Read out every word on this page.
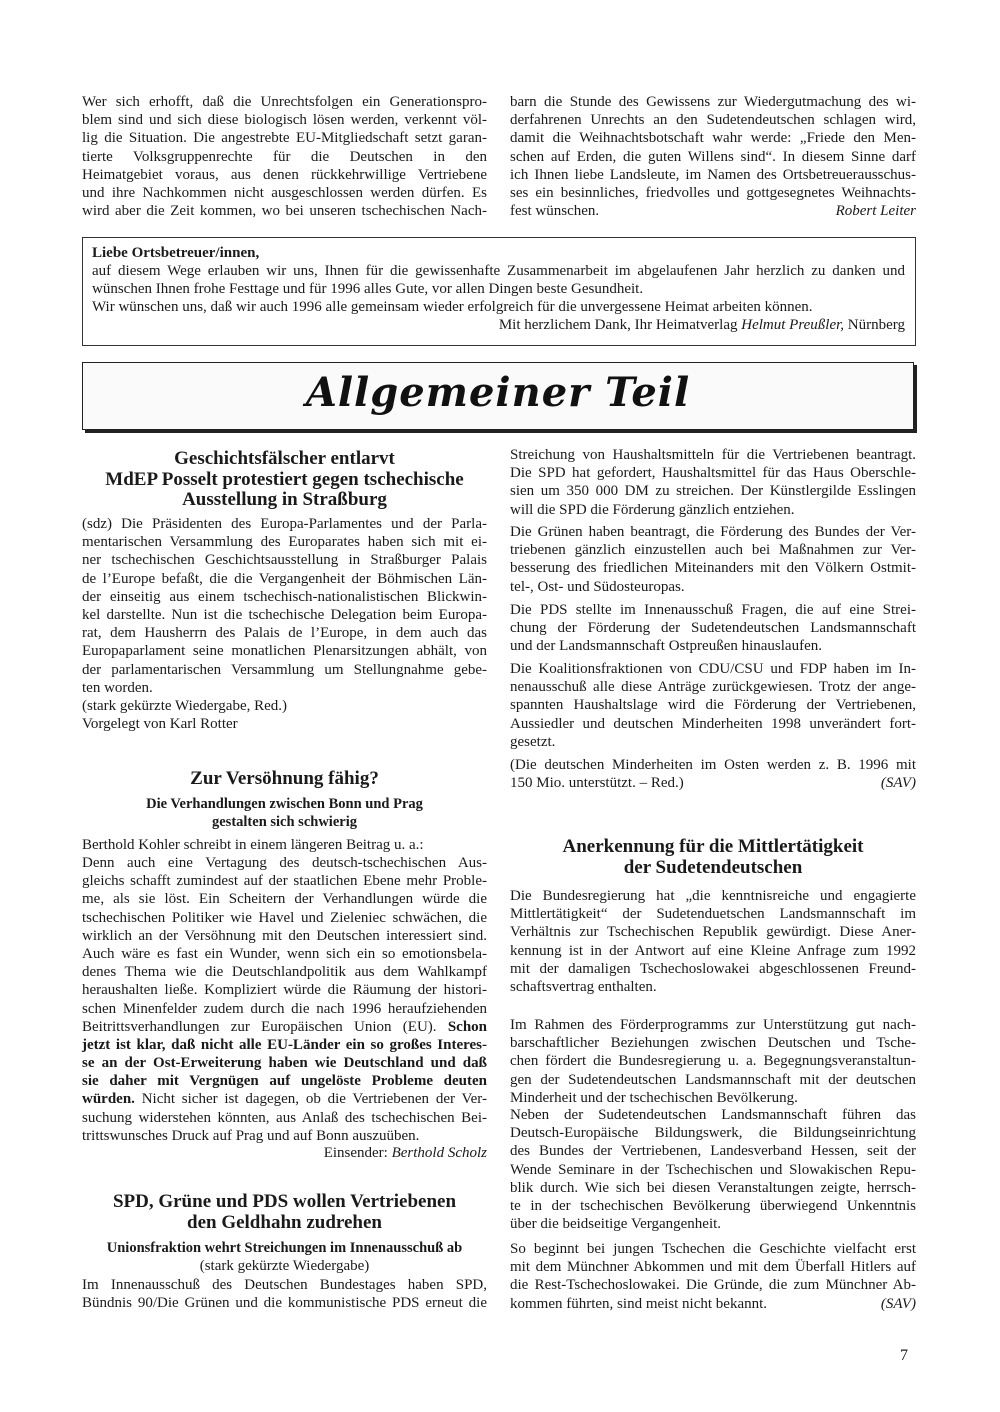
Allgemeiner Teil
Wer sich erhofft, daß die Unrechtsfolgen ein Generationspro-
blem sind und sich diese biologisch lösen werden, verkennt völ-
lig die Situation. Die angestrebte EU-Mitgliedschaft setzt garan-
tierte Volksgruppenrechte für die Deutschen in den
Heimatgebiet voraus, aus denen rückkehrwillige Vertriebene
und ihre Nachkommen nicht ausgeschlossen werden dürfen. Es
wird aber die Zeit kommen, wo bei unseren tschechischen Nach-
barn die Stunde des Gewissens zur Wiedergutmachung des wi-
derfahrenen Unrechts an den Sudetendeutschen schlagen wird,
damit die Weihnachtsbotschaft wahr werde: „Friede den Men-
schen auf Erden, die guten Willens sind“. In diesem Sinne darf
ich Ihnen liebe Landsleute, im Namen des Ortsbetreuerausschus-
ses ein besinnliches, friedvolles und gottgesegnetes Weihnachts-
fest wünschen.	Robert Leiter
Liebe Ortsbetreuer/innen,
auf diesem Wege erlauben wir uns, Ihnen für die gewissenhafte Zusammenarbeit im abgelaufenen Jahr herzlich zu danken und
wünschen Ihnen frohe Festtage und für 1996 alles Gute, vor allen Dingen beste Gesundheit.
Wir wünschen uns, daß wir auch 1996 alle gemeinsam wieder erfolgreich für die unvergessene Heimat arbeiten können.
Mit herzlichem Dank, Ihr Heimatverlag Helmut Preußler, Nürnberg
Geschichtsfälscher entlarvt
MdEP Posselt protestiert gegen tschechische
Ausstellung in Straßburg
(sdz) Die Präsidenten des Europa-Parlamentes und der Parla-
mentarischen Versammlung des Europarates haben sich mit ei-
ner tschechischen Geschichtsausstellung in Straßburger Palais
de l’Europe befaßt, die die Vergangenheit der Böhmischen Län-
der einseitig aus einem tschechisch-nationalistischen Blickwin-
kel darstellte. Nun ist die tschechische Delegation beim Europa-
rat, dem Hausherrn des Palais de l’Europe, in dem auch das
Europaparlament seine monatlichen Plenarsitzungen abhält, von
der parlamentarischen Versammlung um Stellungnahme gebe-
ten worden.
(stark gekürzte Wiedergabe, Red.)
Vorgelegt von Karl Rotter
Zur Versöhnung fähig?
Die Verhandlungen zwischen Bonn und Prag
gestalten sich schwierig
Berthold Kohler schreibt in einem längeren Beitrag u. a.:
Denn auch eine Vertagung des deutsch-tschechischen Aus-
gleichs schafft zumindest auf der staatlichen Ebene mehr Proble-
me, als sie löst. Ein Scheitern der Verhandlungen würde die
tschechischen Politiker wie Havel und Zieleniec schwächen, die
wirklich an der Versöhnung mit den Deutschen interessiert sind.
Auch wäre es fast ein Wunder, wenn sich ein so emotionsbela-
denes Thema wie die Deutschlandpolitik aus dem Wahlkampf
heraushalten ließe. Kompliziert würde die Räumung der histori-
schen Minenfelder zudem durch die nach 1996 heraufziehenden
Beitrittsverhandlungen zur Europäischen Union (EU). Schon
jetzt ist klar, daß nicht alle EU-Länder ein so großes Interes-
se an der Ost-Erweiterung haben wie Deutschland und daß
sie daher mit Vergnügen auf ungelöste Probleme deuten
würden. Nicht sicher ist dagegen, ob die Vertriebenen der Ver-
suchung widerstehen könnten, aus Anlaß des tschechischen Bei-
trittswunsches Druck auf Prag und auf Bonn auszuüben.
Einsender: Berthold Scholz
SPD, Grüne und PDS wollen Vertriebenen
den Geldhahn zudrehen
Unionsfraktion wehrt Streichungen im Innenausschuß ab
(stark gekürzte Wiedergabe)
Im Innenausschuß des Deutschen Bundestages haben SPD,
Bündnis 90/Die Grünen und die kommunistische PDS erneut die
Streichung von Haushaltsmitteln für die Vertriebenen beantragt.
Die SPD hat gefordert, Haushaltsmittel für das Haus Oberschle-
sien um 350 000 DM zu streichen. Der Künstlergilde Esslingen
will die SPD die Förderung gänzlich entziehen.
Die Grünen haben beantragt, die Förderung des Bundes der Ver-
triebenen gänzlich einzustellen auch bei Maßnahmen zur Ver-
besserung des friedlichen Miteinanders mit den Völkern Ostmit-
tel-, Ost- und Südosteuropas.
Die PDS stellte im Innenausschuß Fragen, die auf eine Strei-
chung der Förderung der Sudetendeutschen Landsmannschaft
und der Landsmannschaft Ostpreußen hinauslaufen.
Die Koalitionsfraktionen von CDU/CSU und FDP haben im In-
nenausschuß alle diese Anträge zurückgewiesen. Trotz der ange-
spannten Haushaltslage wird die Förderung der Vertriebenen,
Aussiedler und deutschen Minderheiten 1998 unverändert fort-
gesetzt.
(Die deutschen Minderheiten im Osten werden z. B. 1996 mit
150 Mio. unterstützt. – Red.)	(SAV)
Anerkennung für die Mittlertätigkeit
der Sudetendeutschen
Die Bundesregierung hat „die kenntnisreiche und engagierte
Mittlertätigkeit“ der Sudetenduetschen Landsmannschaft im
Verhältnis zur Tschechischen Republik gewürdigt. Diese Aner-
kennung ist in der Antwort auf eine Kleine Anfrage zum 1992
mit der damaligen Tschechoslowakei abgeschlossenen Freund-
schaftsvertrag enthalten.
Im Rahmen des Förderprogramms zur Unterstützung gut nach-
barschaftlicher Beziehungen zwischen Deutschen und Tsche-
chen fördert die Bundesregierung u. a. Begegnungsveranstaltun-
gen der Sudetendeutschen Landsmannschaft mit der deutschen
Minderheit und der tschechischen Bevölkerung.
Neben der Sudetendeutschen Landsmannschaft führen das
Deutsch-Europäische Bildungswerk, die Bildungseinrichtung
des Bundes der Vertriebenen, Landesverband Hessen, seit der
Wende Seminare in der Tschechischen und Slowakischen Repu-
blik durch. Wie sich bei diesen Veranstaltungen zeigte, herrsch-
te in der tschechischen Bevölkerung überwiegend Unkenntnis
über die beidseitige Vergangenheit.
So beginnt bei jungen Tschechen die Geschichte vielfacht erst
mit dem Münchner Abkommen und mit dem Überfall Hitlers auf
die Rest-Tschechoslowakei. Die Gründe, die zum Münchner Ab-
kommen führten, sind meist nicht bekannt.	(SAV)
7
